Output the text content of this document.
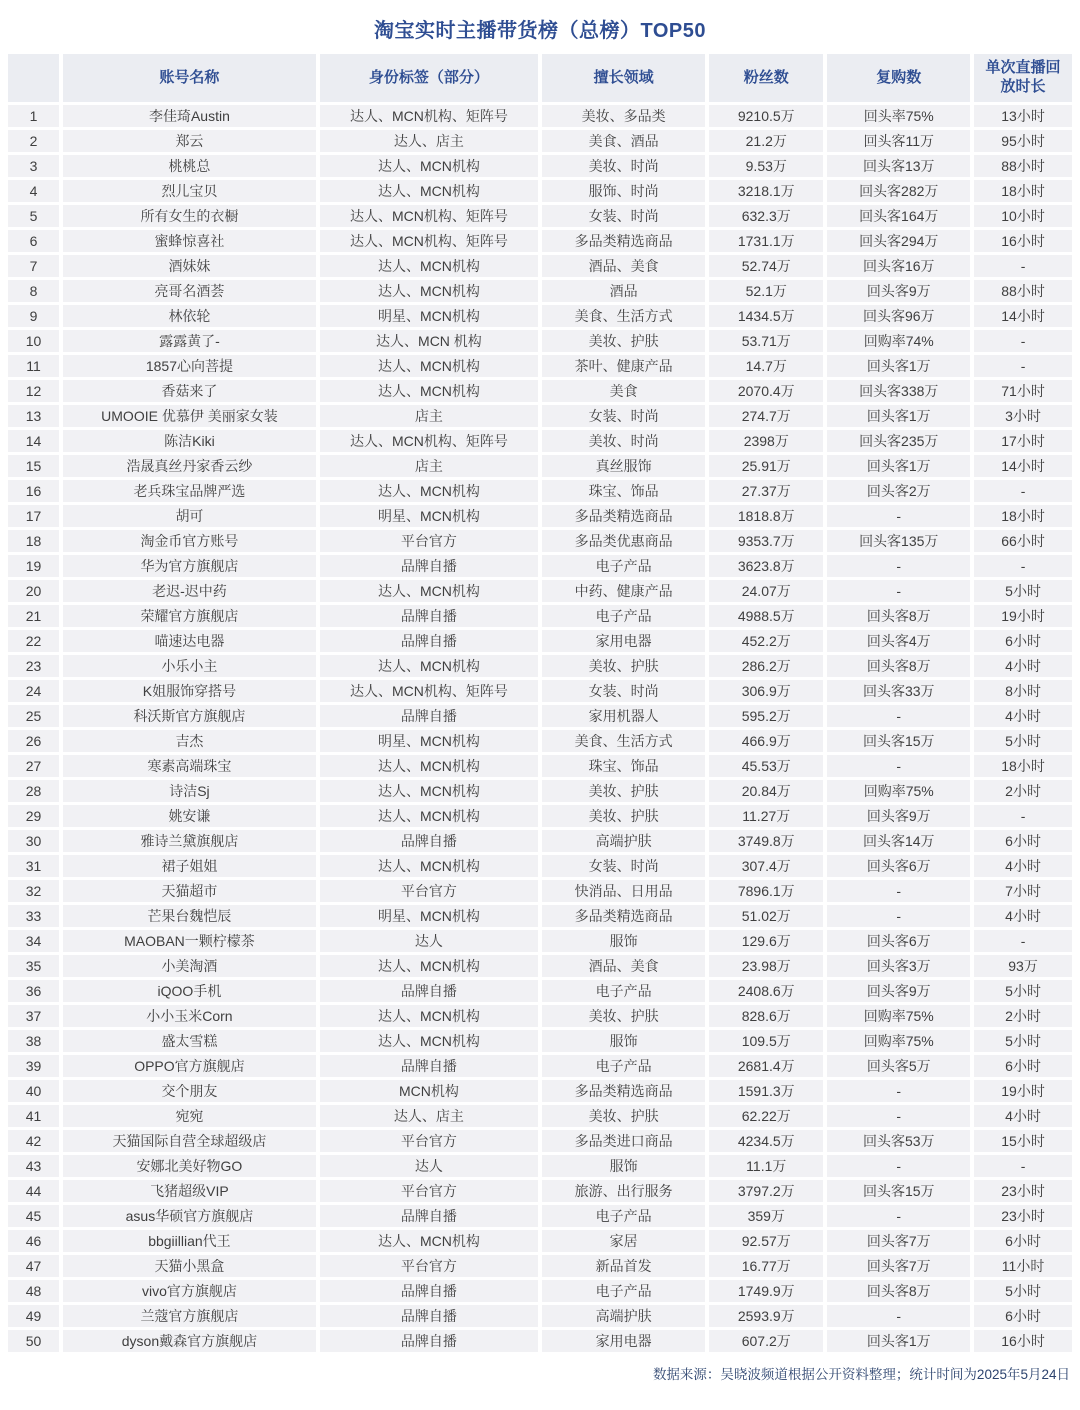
淘宝实时主播带货榜（总榜）TOP50
	账号名称	身份标签（部分）	擅长领域	粉丝数	复购数	单次直播回放时长
1	李佳琦Austin	达人、MCN机构、矩阵号	美妆、多品类	9210.5万	回头率75%	13小时
2	郑云	达人、店主	美食、酒品	21.2万	回头客11万	95小时
3	桃桃总	达人、MCN机构	美妆、时尚	9.53万	回头客13万	88小时
4	烈儿宝贝	达人、MCN机构	服饰、时尚	3218.1万	回头客282万	18小时
5	所有女生的衣橱	达人、MCN机构、矩阵号	女装、时尚	632.3万	回头客164万	10小时
6	蜜蜂惊喜社	达人、MCN机构、矩阵号	多品类精选商品	1731.1万	回头客294万	16小时
7	酒妹妹	达人、MCN机构	酒品、美食	52.74万	回头客16万	-
8	亮哥名酒荟	达人、MCN机构	酒品	52.1万	回头客9万	88小时
9	林依轮	明星、MCN机构	美食、生活方式	1434.5万	回头客96万	14小时
10	露露黄了-	达人、MCN 机构	美妆、护肤	53.71万	回购率74%	-
11	1857心向菩提	达人、MCN机构	茶叶、健康产品	14.7万	回头客1万	-
12	香菇来了	达人、MCN机构	美食	2070.4万	回头客338万	71小时
13	UMOOIE 优慕伊 美丽家女装	店主	女装、时尚	274.7万	回头客1万	3小时
14	陈洁Kiki	达人、MCN机构、矩阵号	美妆、时尚	2398万	回头客235万	17小时
15	浩晟真丝丹家香云纱	店主	真丝服饰	25.91万	回头客1万	14小时
16	老兵珠宝品牌严选	达人、MCN机构	珠宝、饰品	27.37万	回头客2万	-
17	胡可	明星、MCN机构	多品类精选商品	1818.8万	-	18小时
18	淘金币官方账号	平台官方	多品类优惠商品	9353.7万	回头客135万	66小时
19	华为官方旗舰店	品牌自播	电子产品	3623.8万	-	-
20	老迟-迟中药	达人、MCN机构	中药、健康产品	24.07万	-	5小时
21	荣耀官方旗舰店	品牌自播	电子产品	4988.5万	回头客8万	19小时
22	喵速达电器	品牌自播	家用电器	452.2万	回头客4万	6小时
23	小乐小主	达人、MCN机构	美妆、护肤	286.2万	回头客8万	4小时
24	K姐服饰穿搭号	达人、MCN机构、矩阵号	女装、时尚	306.9万	回头客33万	8小时
25	科沃斯官方旗舰店	品牌自播	家用机器人	595.2万	-	4小时
26	吉杰	明星、MCN机构	美食、生活方式	466.9万	回头客15万	5小时
27	寒素高端珠宝	达人、MCN机构	珠宝、饰品	45.53万	-	18小时
28	诗洁Sj	达人、MCN机构	美妆、护肤	20.84万	回购率75%	2小时
29	姚安谦	达人、MCN机构	美妆、护肤	11.27万	回头客9万	-
30	雅诗兰黛旗舰店	品牌自播	高端护肤	3749.8万	回头客14万	6小时
31	裙子姐姐	达人、MCN机构	女装、时尚	307.4万	回头客6万	4小时
32	天猫超市	平台官方	快消品、日用品	7896.1万	-	7小时
33	芒果台魏恺辰	明星、MCN机构	多品类精选商品	51.02万	-	4小时
34	MAOBAN一颗柠檬茶	达人	服饰	129.6万	回头客6万	-
35	小美淘酒	达人、MCN机构	酒品、美食	23.98万	回头客3万	93万
36	iQOO手机	品牌自播	电子产品	2408.6万	回头客9万	5小时
37	小小玉米Corn	达人、MCN机构	美妆、护肤	828.6万	回购率75%	2小时
38	盛太雪糕	达人、MCN机构	服饰	109.5万	回购率75%	5小时
39	OPPO官方旗舰店	品牌自播	电子产品	2681.4万	回头客5万	6小时
40	交个朋友	MCN机构	多品类精选商品	1591.3万	-	19小时
41	宛宛	达人、店主	美妆、护肤	62.22万	-	4小时
42	天猫国际自营全球超级店	平台官方	多品类进口商品	4234.5万	回头客53万	15小时
43	安娜北美好物GO	达人	服饰	11.1万	-	-
44	飞猪超级VIP	平台官方	旅游、出行服务	3797.2万	回头客15万	23小时
45	asus华硕官方旗舰店	品牌自播	电子产品	359万	-	23小时
46	bbgiillian代王	达人、MCN机构	家居	92.57万	回头客7万	6小时
47	天猫小黑盒	平台官方	新品首发	16.77万	回头客7万	11小时
48	vivo官方旗舰店	品牌自播	电子产品	1749.9万	回头客8万	5小时
49	兰蔻官方旗舰店	品牌自播	高端护肤	2593.9万	-	6小时
50	dyson戴森官方旗舰店	品牌自播	家用电器	607.2万	回头客1万	16小时
数据来源：吴晓波频道根据公开资料整理；统计时间为2025年5月24日
